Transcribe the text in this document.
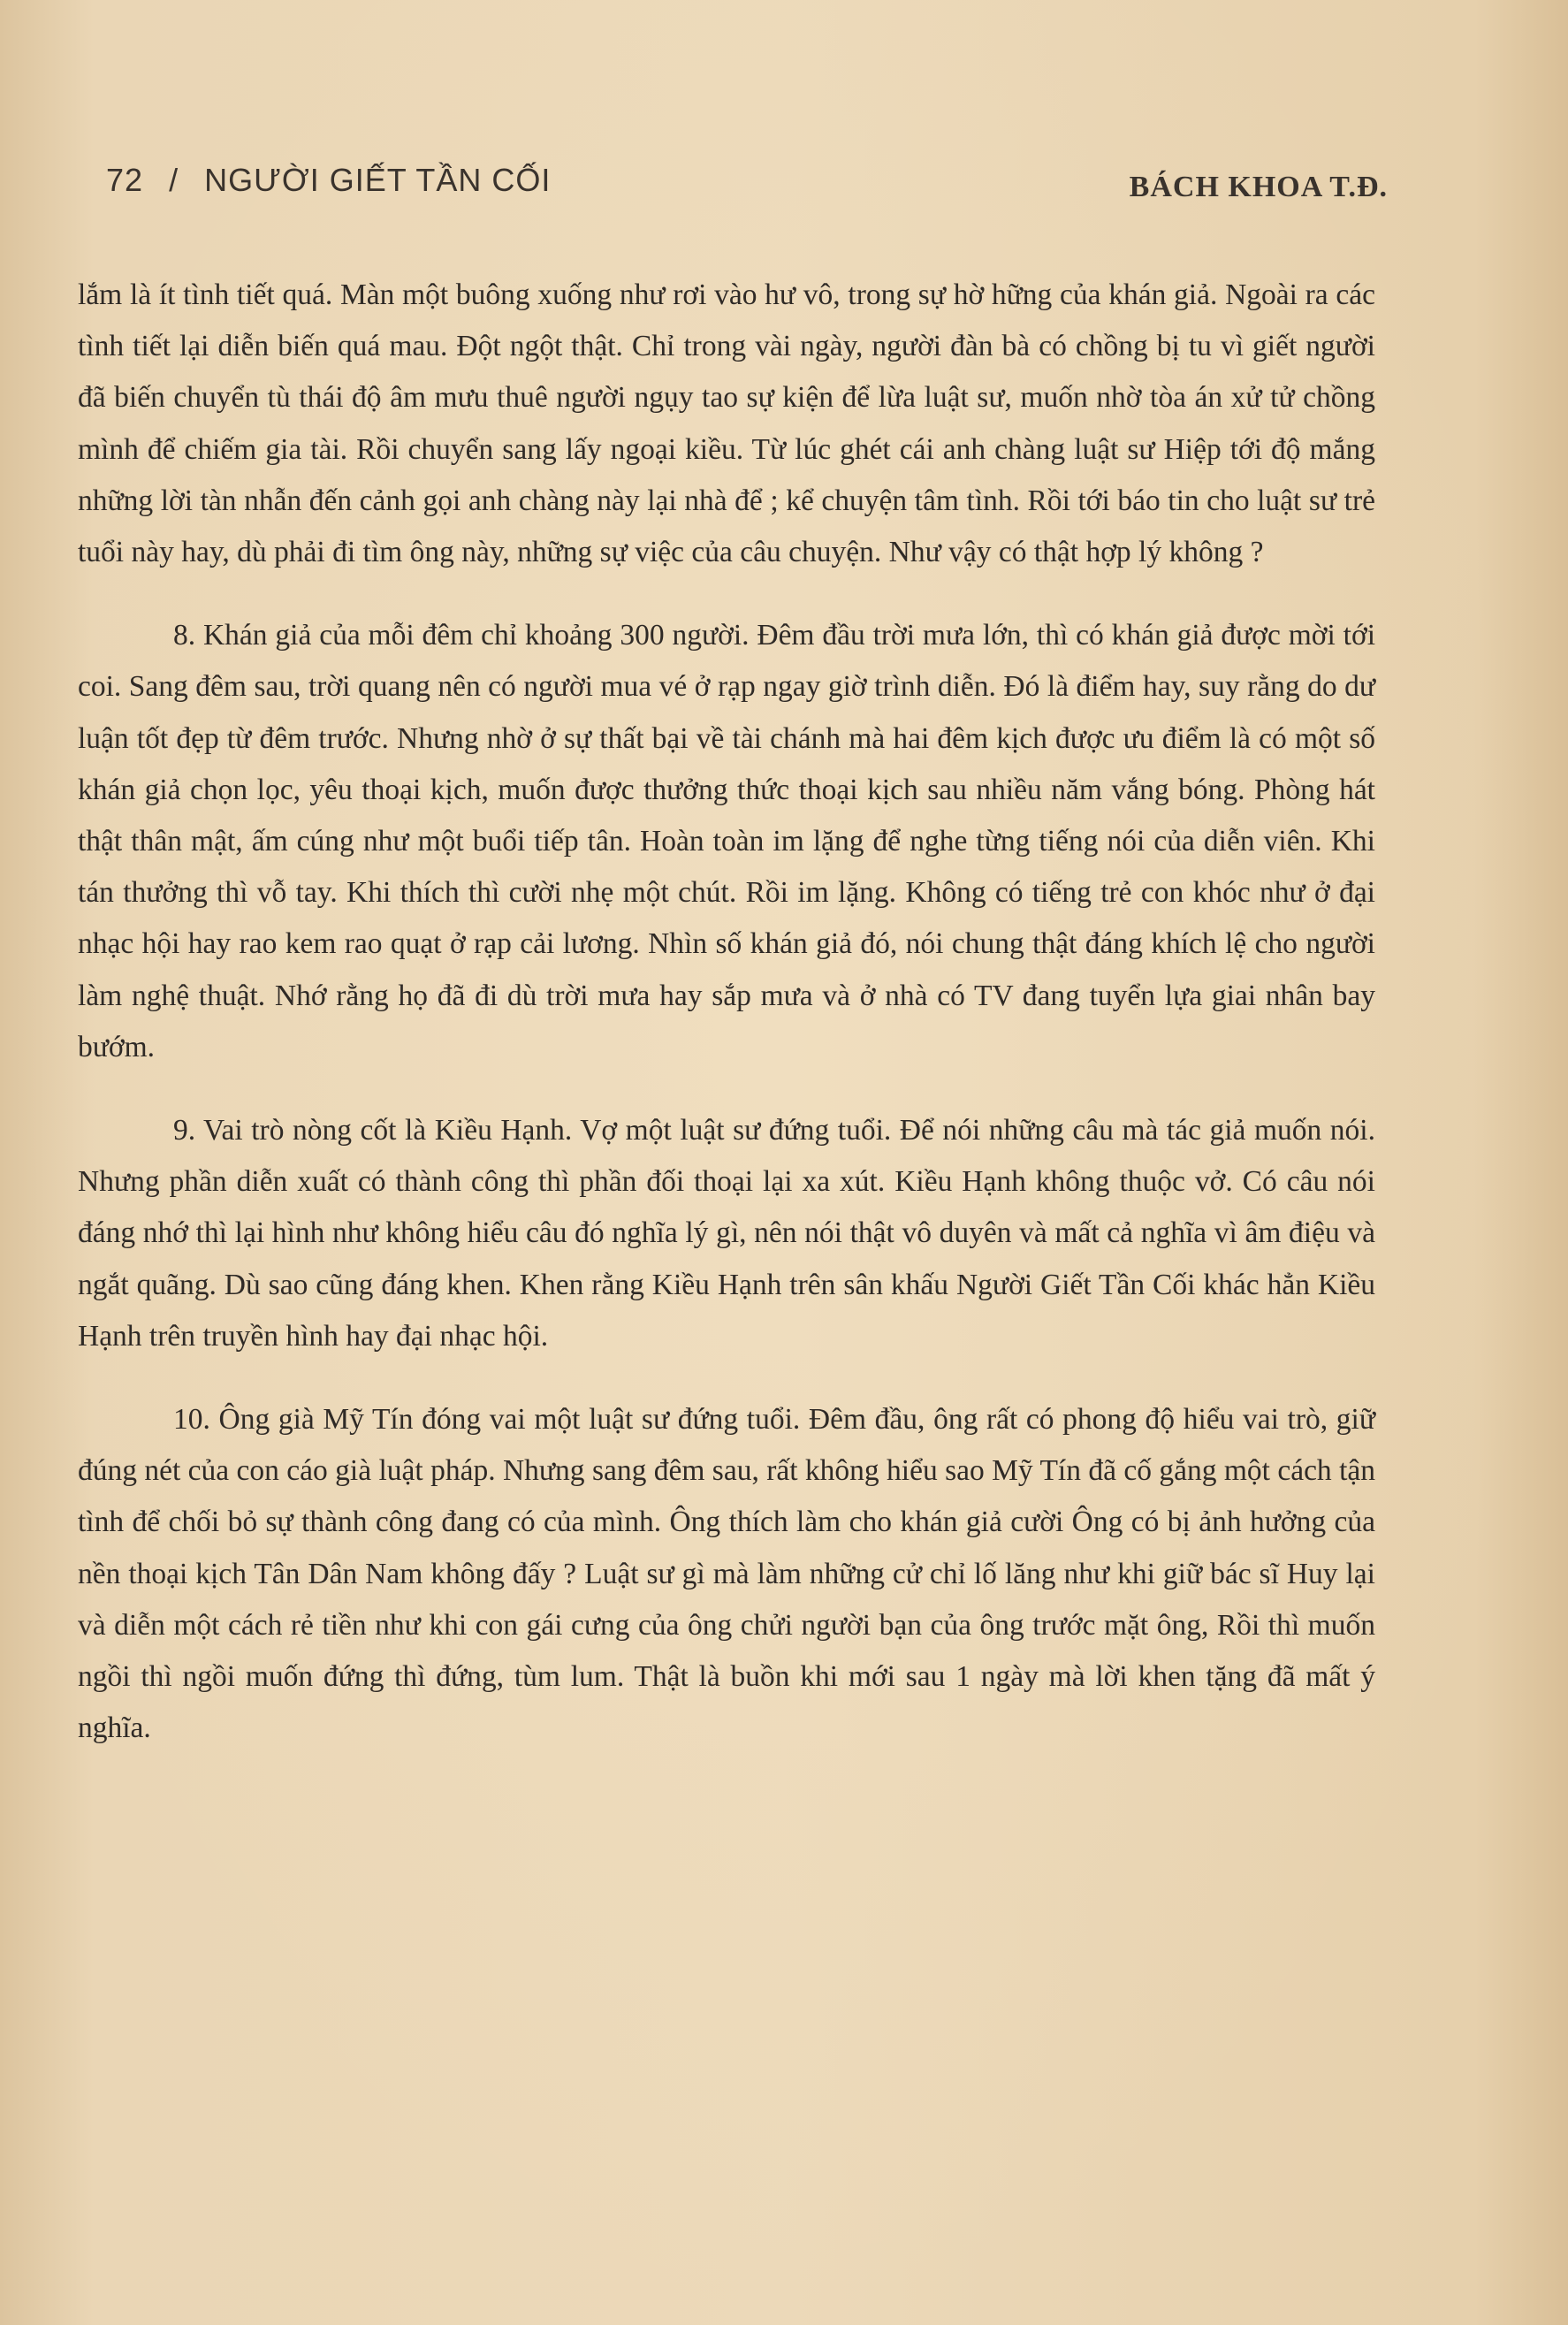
72 / NGƯỜI GIẾT TẦN CỐI	BÁCH KHOA T.Đ.

lắm là ít tình tiết quá. Màn một buông xuống như rơi vào hư vô, trong sự hờ hững của khán giả. Ngoài ra các tình tiết lại diễn biến quá mau. Đột ngột thật. Chỉ trong vài ngày, người đàn bà có chồng bị tu vì giết người đã biến chuyển tù thái độ âm mưu thuê người ngụy tao sự kiện để lừa luật sư, muốn nhờ tòa án xử tử chồng mình để chiếm gia tài. Rồi chuyển sang lấy ngoại kiều. Từ lúc ghét cái anh chàng luật sư Hiệp tới độ mắng những lời tàn nhẫn đến cảnh gọi anh chàng này lại nhà để ; kể chuyện tâm tình. Rồi tới báo tin cho luật sư trẻ tuổi này hay, dù phải đi tìm ông này, những sự việc của câu chuyện. Như vậy có thật hợp lý không ?

8. Khán giả của mỗi đêm chỉ khoảng 300 người. Đêm đầu trời mưa lớn, thì có khán giả được mời tới coi. Sang đêm sau, trời quang nên có người mua vé ở rạp ngay giờ trình diễn. Đó là điểm hay, suy rằng do dư luận tốt đẹp từ đêm trước. Nhưng nhờ ở sự thất bại về tài chánh mà hai đêm kịch được ưu điểm là có một số khán giả chọn lọc, yêu thoại kịch, muốn được thưởng thức thoại kịch sau nhiều năm vắng bóng. Phòng hát thật thân mật, ấm cúng như một buổi tiếp tân. Hoàn toàn im lặng để nghe từng tiếng nói của diễn viên. Khi tán thưởng thì vỗ tay. Khi thích thì cười nhẹ một chút. Rồi im lặng. Không có tiếng trẻ con khóc như ở đại nhạc hội hay rao kem rao quạt ở rạp cải lương. Nhìn số khán giả đó, nói chung thật đáng khích lệ cho người làm nghệ thuật. Nhớ rằng họ đã đi dù trời mưa hay sắp mưa và ở nhà có TV đang tuyển lựa giai nhân bay bướm.

9. Vai trò nòng cốt là Kiều Hạnh. Vợ một luật sư đứng tuổi. Để nói những câu mà tác giả muốn nói. Nhưng phần diễn xuất có thành công thì phần đối thoại lại xa xút. Kiều Hạnh không thuộc vở. Có câu nói đáng nhớ thì lại hình như không hiểu câu đó nghĩa lý gì, nên nói thật vô duyên và mất cả nghĩa vì âm điệu và ngắt quãng. Dù sao cũng đáng khen. Khen rằng Kiều Hạnh trên sân khấu Người Giết Tần Cối khác hẳn Kiều Hạnh trên truyền hình hay đại nhạc hội.

10. Ông già Mỹ Tín đóng vai một luật sư đứng tuổi. Đêm đầu, ông rất có phong độ hiểu vai trò, giữ đúng nét của con cáo già luật pháp. Nhưng sang đêm sau, rất không hiểu sao Mỹ Tín đã cố gắng một cách tận tình để chối bỏ sự thành công đang có của mình. Ông thích làm cho khán giả cười Ông có bị ảnh hưởng của nền thoại kịch Tân Dân Nam không đấy ? Luật sư gì mà làm những cử chỉ lố lăng như khi giữ bác sĩ Huy lại và diễn một cách rẻ tiền như khi con gái cưng của ông chửi người bạn của ông trước mặt ông, Rồi thì muốn ngồi thì ngồi muốn đứng thì đứng, tùm lum. Thật là buồn khi mới sau 1 ngày mà lời khen tặng đã mất ý nghĩa.
